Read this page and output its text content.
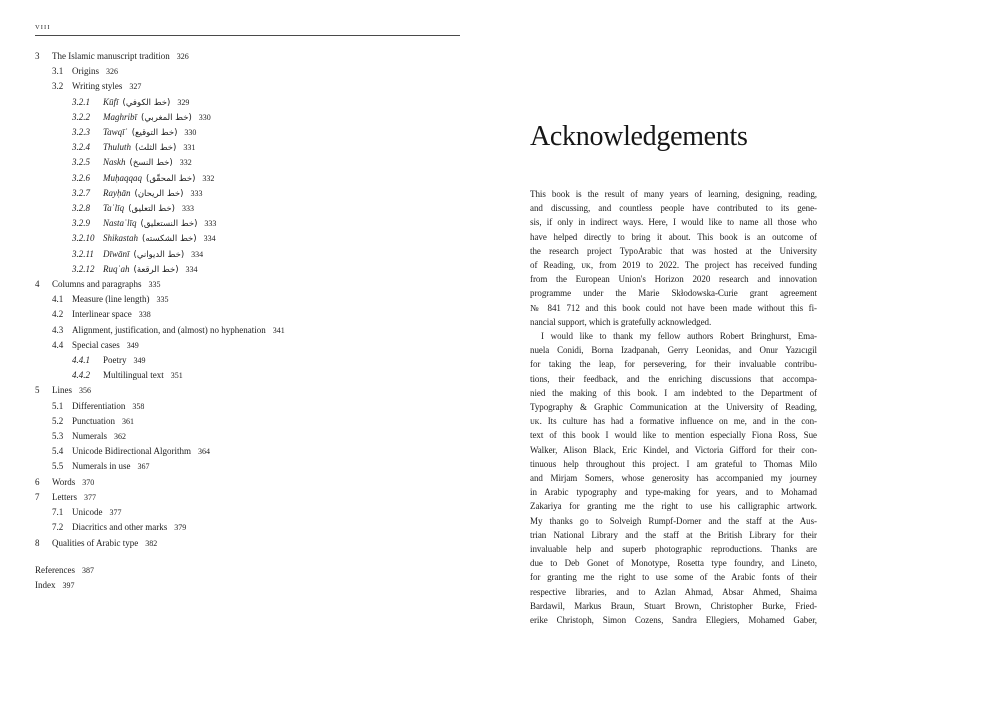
VIII
3	The Islamic manuscript tradition 326
3.1 Origins 326
3.2 Writing styles 327
3.2.1	Kūfī (خط الكوفي) 329
3.2.2	Maghribī (خط المغربي) 330
3.2.3	Tawqīʿ (خط التوقيع) 330
3.2.4	Thuluth (خط الثلث) 331
3.2.5	Naskh (خط النسخ) 332
3.2.6	Muḥaqqaq (خط المحقّق) 332
3.2.7	Rayḥān (خط الريحان) 333
3.2.8	Taʿlīq (خط التعليق) 333
3.2.9	Nastaʿlīq (خط النستعليق) 333
3.2.10 Shikastah (خط الشكسته) 334
3.2.11	Dīwānī (خط الديواني) 334
3.2.12 Ruqʿah (خط الرقعة) 334
4	Columns and paragraphs 335
4.1 Measure (line length) 335
4.2 Interlinear space 338
4.3 Alignment, justification, and (almost) no hyphenation 341
4.4 Special cases 349
4.4.1	Poetry 349
4.4.2	Multilingual text 351
5	Lines 356
5.1 Differentiation 358
5.2 Punctuation 361
5.3 Numerals 362
5.4 Unicode Bidirectional Algorithm 364
5.5 Numerals in use 367
6	Words 370
7	Letters 377
7.1 Unicode 377
7.2 Diacritics and other marks 379
8	Qualities of Arabic type 382
References 387
Index 397
Acknowledgements
This book is the result of many years of learning, designing, reading,
and discussing, and countless people have contributed to its gene-
sis, if only in indirect ways. Here, I would like to name all those who
have helped directly to bring it about. This book is an outcome of
the research project TypoArabic that was hosted at the University
of Reading, ᴜᴋ, from 2019 to 2022. The project has received funding
from the European Union's Horizon 2020 research and innovation
programme under the Marie Skłodowska-Curie grant agreement
№ 841 712 and this book could not have been made without this fi-
nancial support, which is gratefully acknowledged.
I would like to thank my fellow authors Robert Bringhurst, Ema-
nuela Conidi, Borna Izadpanah, Gerry Leonidas, and Onur Yazıcıgil
for taking the leap, for persevering, for their invaluable contribu-
tions, their feedback, and the enriching discussions that accompa-
nied the making of this book. I am indebted to the Department of
Typography & Graphic Communication at the University of Reading,
ᴜᴋ. Its culture has had a formative influence on me, and in the con-
text of this book I would like to mention especially Fiona Ross, Sue
Walker, Alison Black, Eric Kindel, and Victoria Gifford for their con-
tinuous help throughout this project. I am grateful to Thomas Milo
and Mirjam Somers, whose generosity has accompanied my journey
in Arabic typography and type-making for years, and to Mohamad
Zakariya for granting me the right to use his calligraphic artwork.
My thanks go to Solveigh Rumpf-Dorner and the staff at the Aus-
trian National Library and the staff at the British Library for their
invaluable help and superb photographic reproductions. Thanks are
due to Deb Gonet of Monotype, Rosetta type foundry, and Lineto,
for granting me the right to use some of the Arabic fonts of their
respective libraries, and to Azlan Ahmad, Absar Ahmed, Shaima
Bardawil, Markus Braun, Stuart Brown, Christopher Burke, Fried-
erike Christoph, Simon Cozens, Sandra Ellegiers, Mohamed Gaber,
